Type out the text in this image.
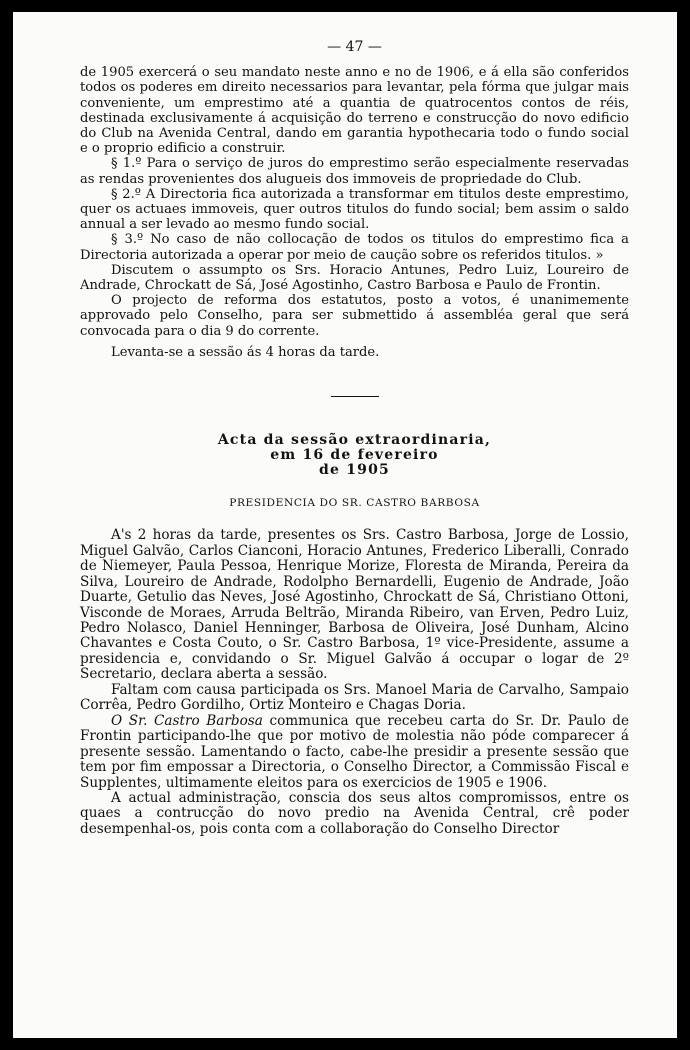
— 47 —

de 1905 exercerá o seu mandato neste anno e no de 1906, e á ella são conferidos todos os poderes em direito necessarios para levantar, pela fórma que julgar mais conveniente, um emprestimo até a quantia de quatrocentos contos de réis, destinada exclusivamente á acquisição do terreno e construcção do novo edificio do Club na Avenida Central, dando em garantia hypothecaria todo o fundo social e o proprio edificio a construir.

§ 1.º Para o serviço de juros do emprestimo serão especialmente reservadas as rendas provenientes dos alugueis dos immoveis de propriedade do Club.

§ 2.º A Directoria fica autorizada a transformar em titulos deste emprestimo, quer os actuaes immoveis, quer outros titulos do fundo social; bem assim o saldo annual a ser levado ao mesmo fundo social.

§ 3.º No caso de não collocação de todos os titulos do emprestimo fica a Directoria autorizada a operar por meio de caução sobre os referidos titulos. »

Discutem o assumpto os Srs. Horacio Antunes, Pedro Luiz, Loureiro de Andrade, Chrockatt de Sá, José Agostinho, Castro Barbosa e Paulo de Frontin.

O projecto de reforma dos estatutos, posto a votos, é unanimemente approvado pelo Conselho, para ser submettido á assembléa geral que será convocada para o dia 9 do corrente.

Levanta-se a sessão ás 4 horas da tarde.

Acta da sessão extraordinaria, em 16 de fevereiro
de 1905
PRESIDENCIA DO SR. CASTRO BARBOSA

A's 2 horas da tarde, presentes os Srs. Castro Barbosa, Jorge de Lossio, Miguel Galvão, Carlos Cianconi, Horacio Antunes, Frederico Liberalli, Conrado de Niemeyer, Paula Pessoa, Henrique Morize, Floresta de Miranda, Pereira da Silva, Loureiro de Andrade, Rodolpho Bernardelli, Eugenio de Andrade, João Duarte, Getulio das Neves, José Agostinho, Chrockatt de Sá, Christiano Ottoni, Visconde de Moraes, Arruda Beltrão, Miranda Ribeiro, van Erven, Pedro Luiz, Pedro Nolasco, Daniel Henninger, Barbosa de Oliveira, José Dunham, Alcino Chavantes e Costa Couto, o Sr. Castro Barbosa, 1º vice-Presidente, assume a presidencia e, convidando o Sr. Miguel Galvão á occupar o logar de 2º Secretario, declara aberta a sessão.

Faltam com causa participada os Srs. Manoel Maria de Carvalho, Sampaio Corrêa, Pedro Gordilho, Ortiz Monteiro e Chagas Doria.

O Sr. Castro Barbosa communica que recebeu carta do Sr. Dr. Paulo de Frontin participando-lhe que por motivo de molestia não póde comparecer á presente sessão. Lamentando o facto, cabe-lhe presidir a presente sessão que tem por fim empossar a Directoria, o Conselho Director, a Commissão Fiscal e Supplentes, ultimamente eleitos para os exercicios de 1905 e 1906.

A actual administração, conscia dos seus altos compromissos, entre os quaes a contrucção do novo predio na Avenida Central, crê poder desempenhal-os, pois conta com a collaboração do Conselho Director
